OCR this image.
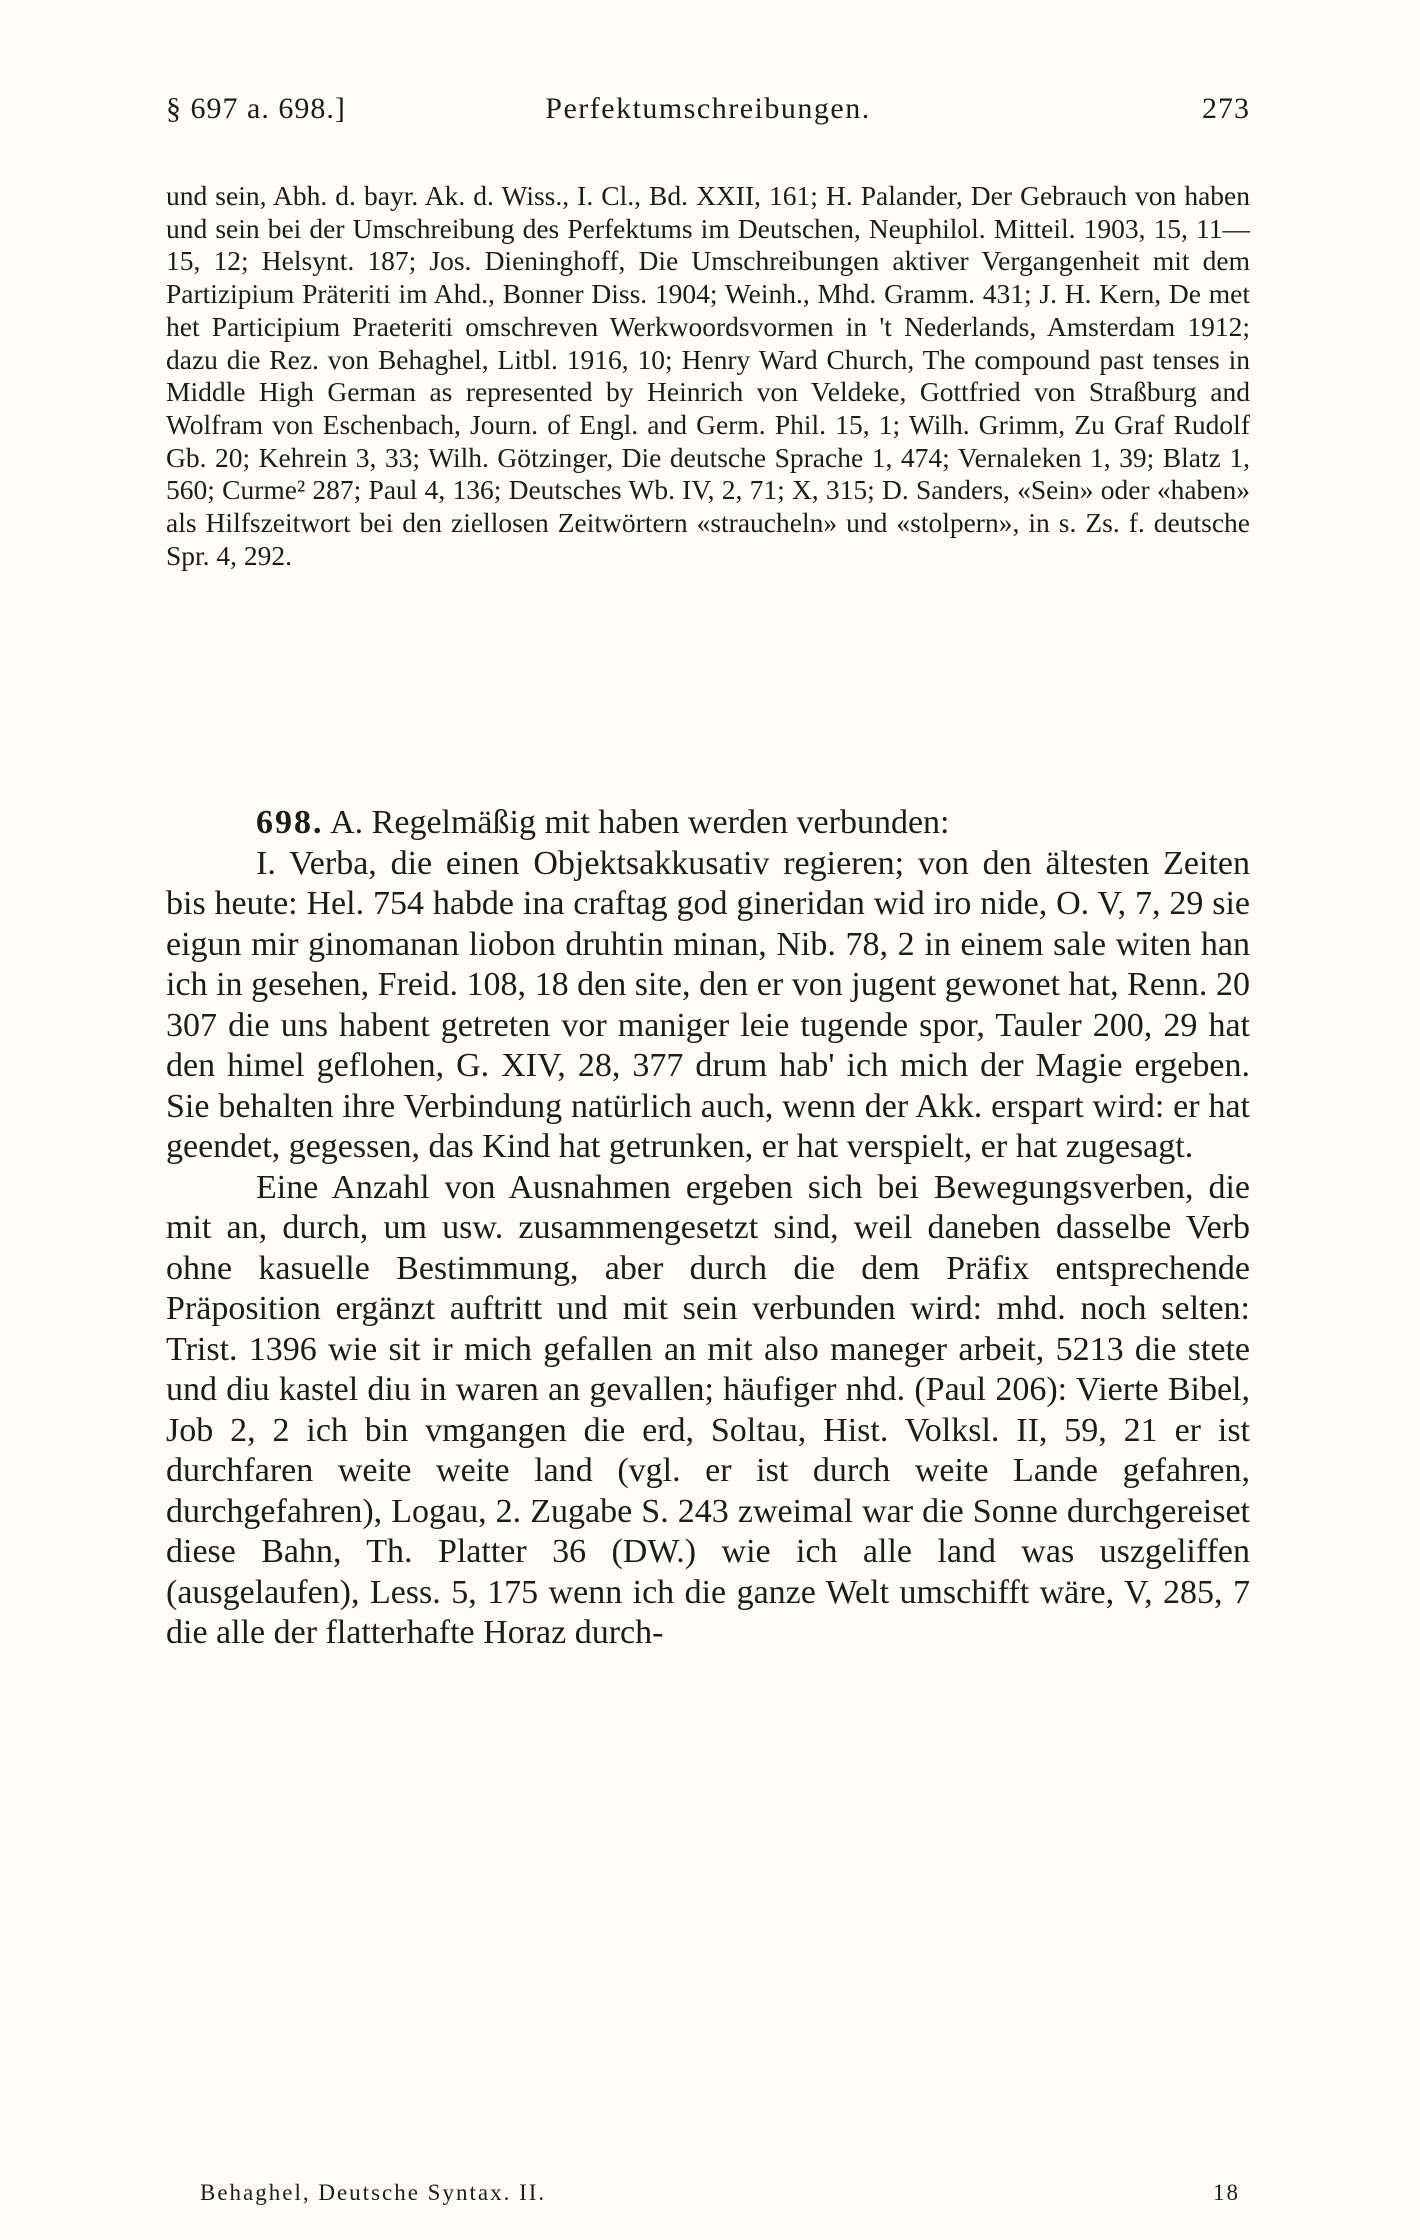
§ 697 a. 698.]	Perfektumschreibungen.	273
und sein, Abh. d. bayr. Ak. d. Wiss., I. Cl., Bd. XXII, 161; H. Palander, Der Gebrauch von haben und sein bei der Umschreibung des Perfektums im Deutschen, Neuphilol. Mitteil. 1903, 15, 11—15, 12; Helsynt. 187; Jos. Dieninghoff, Die Umschreibungen aktiver Vergangenheit mit dem Partizipium Präteriti im Ahd., Bonner Diss. 1904; Weinh., Mhd. Gramm. 431; J. H. Kern, De met het Participium Praeteriti omschreven Werkwoordsvormen in 't Nederlands, Amsterdam 1912; dazu die Rez. von Behaghel, Litbl. 1916, 10; Henry Ward Church, The compound past tenses in Middle High German as represented by Heinrich von Veldeke, Gottfried von Straßburg and Wolfram von Eschenbach, Journ. of Engl. and Germ. Phil. 15, 1; Wilh. Grimm, Zu Graf Rudolf Gb. 20; Kehrein 3, 33; Wilh. Götzinger, Die deutsche Sprache 1, 474; Vernaleken 1, 39; Blatz 1, 560; Curme² 287; Paul 4, 136; Deutsches Wb. IV, 2, 71; X, 315; D. Sanders, «Sein» oder «haben» als Hilfszeitwort bei den ziellosen Zeitwörtern «straucheln» und «stolpern», in s. Zs. f. deutsche Spr. 4, 292.

698. A. Regelmäßig mit haben werden verbunden:

I. Verba, die einen Objektsakkusativ regieren; von den ältesten Zeiten bis heute: Hel. 754 habde ina craftag god gineridan wid iro nide, O. V, 7, 29 sie eigun mir ginomanan liobon druhtin minan, Nib. 78, 2 in einem sale witen han ich in gesehen, Freid. 108, 18 den site, den er von jugent gewonet hat, Renn. 20 307 die uns habent getreten vor maniger leie tugende spor, Tauler 200, 29 hat den himel geflohen, G. XIV, 28, 377 drum hab' ich mich der Magie ergeben. Sie behalten ihre Verbindung natürlich auch, wenn der Akk. erspart wird: er hat geendet, gegessen, das Kind hat getrunken, er hat verspielt, er hat zugesagt.

Eine Anzahl von Ausnahmen ergeben sich bei Bewegungsverben, die mit an, durch, um usw. zusammengesetzt sind, weil daneben dasselbe Verb ohne kasuelle Bestimmung, aber durch die dem Präfix entsprechende Präposition ergänzt auftritt und mit sein verbunden wird: mhd. noch selten: Trist. 1396 wie sit ir mich gefallen an mit also maneger arbeit, 5213 die stete und diu kastel diu in waren an gevallen; häufiger nhd. (Paul 206): Vierte Bibel, Job 2, 2 ich bin vmgangen die erd, Soltau, Hist. Volksl. II, 59, 21 er ist durchfaren weite weite land (vgl. er ist durch weite Lande gefahren, durchgefahren), Logau, 2. Zugabe S. 243 zweimal war die Sonne durchgereiset diese Bahn, Th. Platter 36 (DW.) wie ich alle land was uszgeliffen (ausgelaufen), Less. 5, 175 wenn ich die ganze Welt umschifft wäre, V, 285, 7 die alle der flatterhafte Horaz durch-

Behaghel, Deutsche Syntax. II.	18
